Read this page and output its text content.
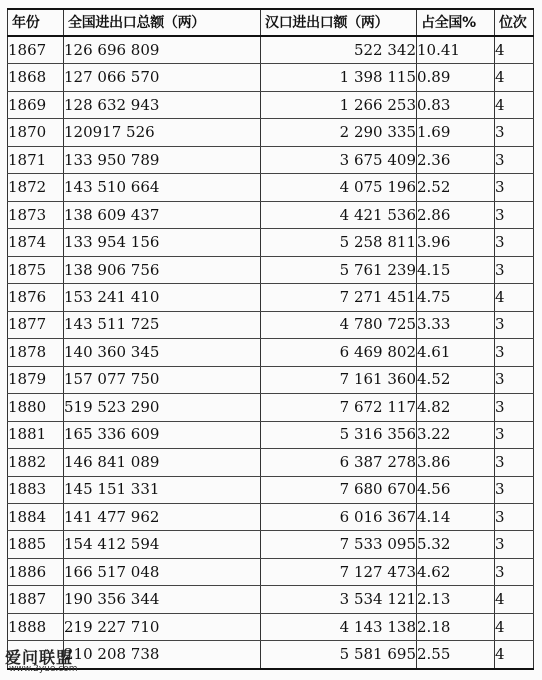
年份	全国进出口总额（两）	汉口进出口额（两）	占全国%	位次
1867	126 696 809	522 342	10.41	4
1868	127 066 570	1 398 115	0.89	4
1869	128 632 943	1 266 253	0.83	4
1870	120917 526	2 290 335	1.69	3
1871	133 950 789	3 675 409	2.36	3
1872	143 510 664	4 075 196	2.52	3
1873	138 609 437	4 421 536	2.86	3
1874	133 954 156	5 258 811	3.96	3
1875	138 906 756	5 761 239	4.15	3
1876	153 241 410	7 271 451	4.75	4
1877	143 511 725	4 780 725	3.33	3
1878	140 360 345	6 469 802	4.61	3
1879	157 077 750	7 161 360	4.52	3
1880	519 523 290	7 672 117	4.82	3
1881	165 336 609	5 316 356	3.22	3
1882	146 841 089	6 387 278	3.86	3
1883	145 151 331	7 680 670	4.56	3
1884	141 477 962	6 016 367	4.14	3
1885	154 412 594	7 533 095	5.32	3
1886	166 517 048	7 127 473	4.62	3
1887	190 356 344	3 534 121	2.13	4
1888	219 227 710	4 143 138	2.18	4
	210 208 738	5 581 695	2.55	4
爱问联盟
www.2yue.com
